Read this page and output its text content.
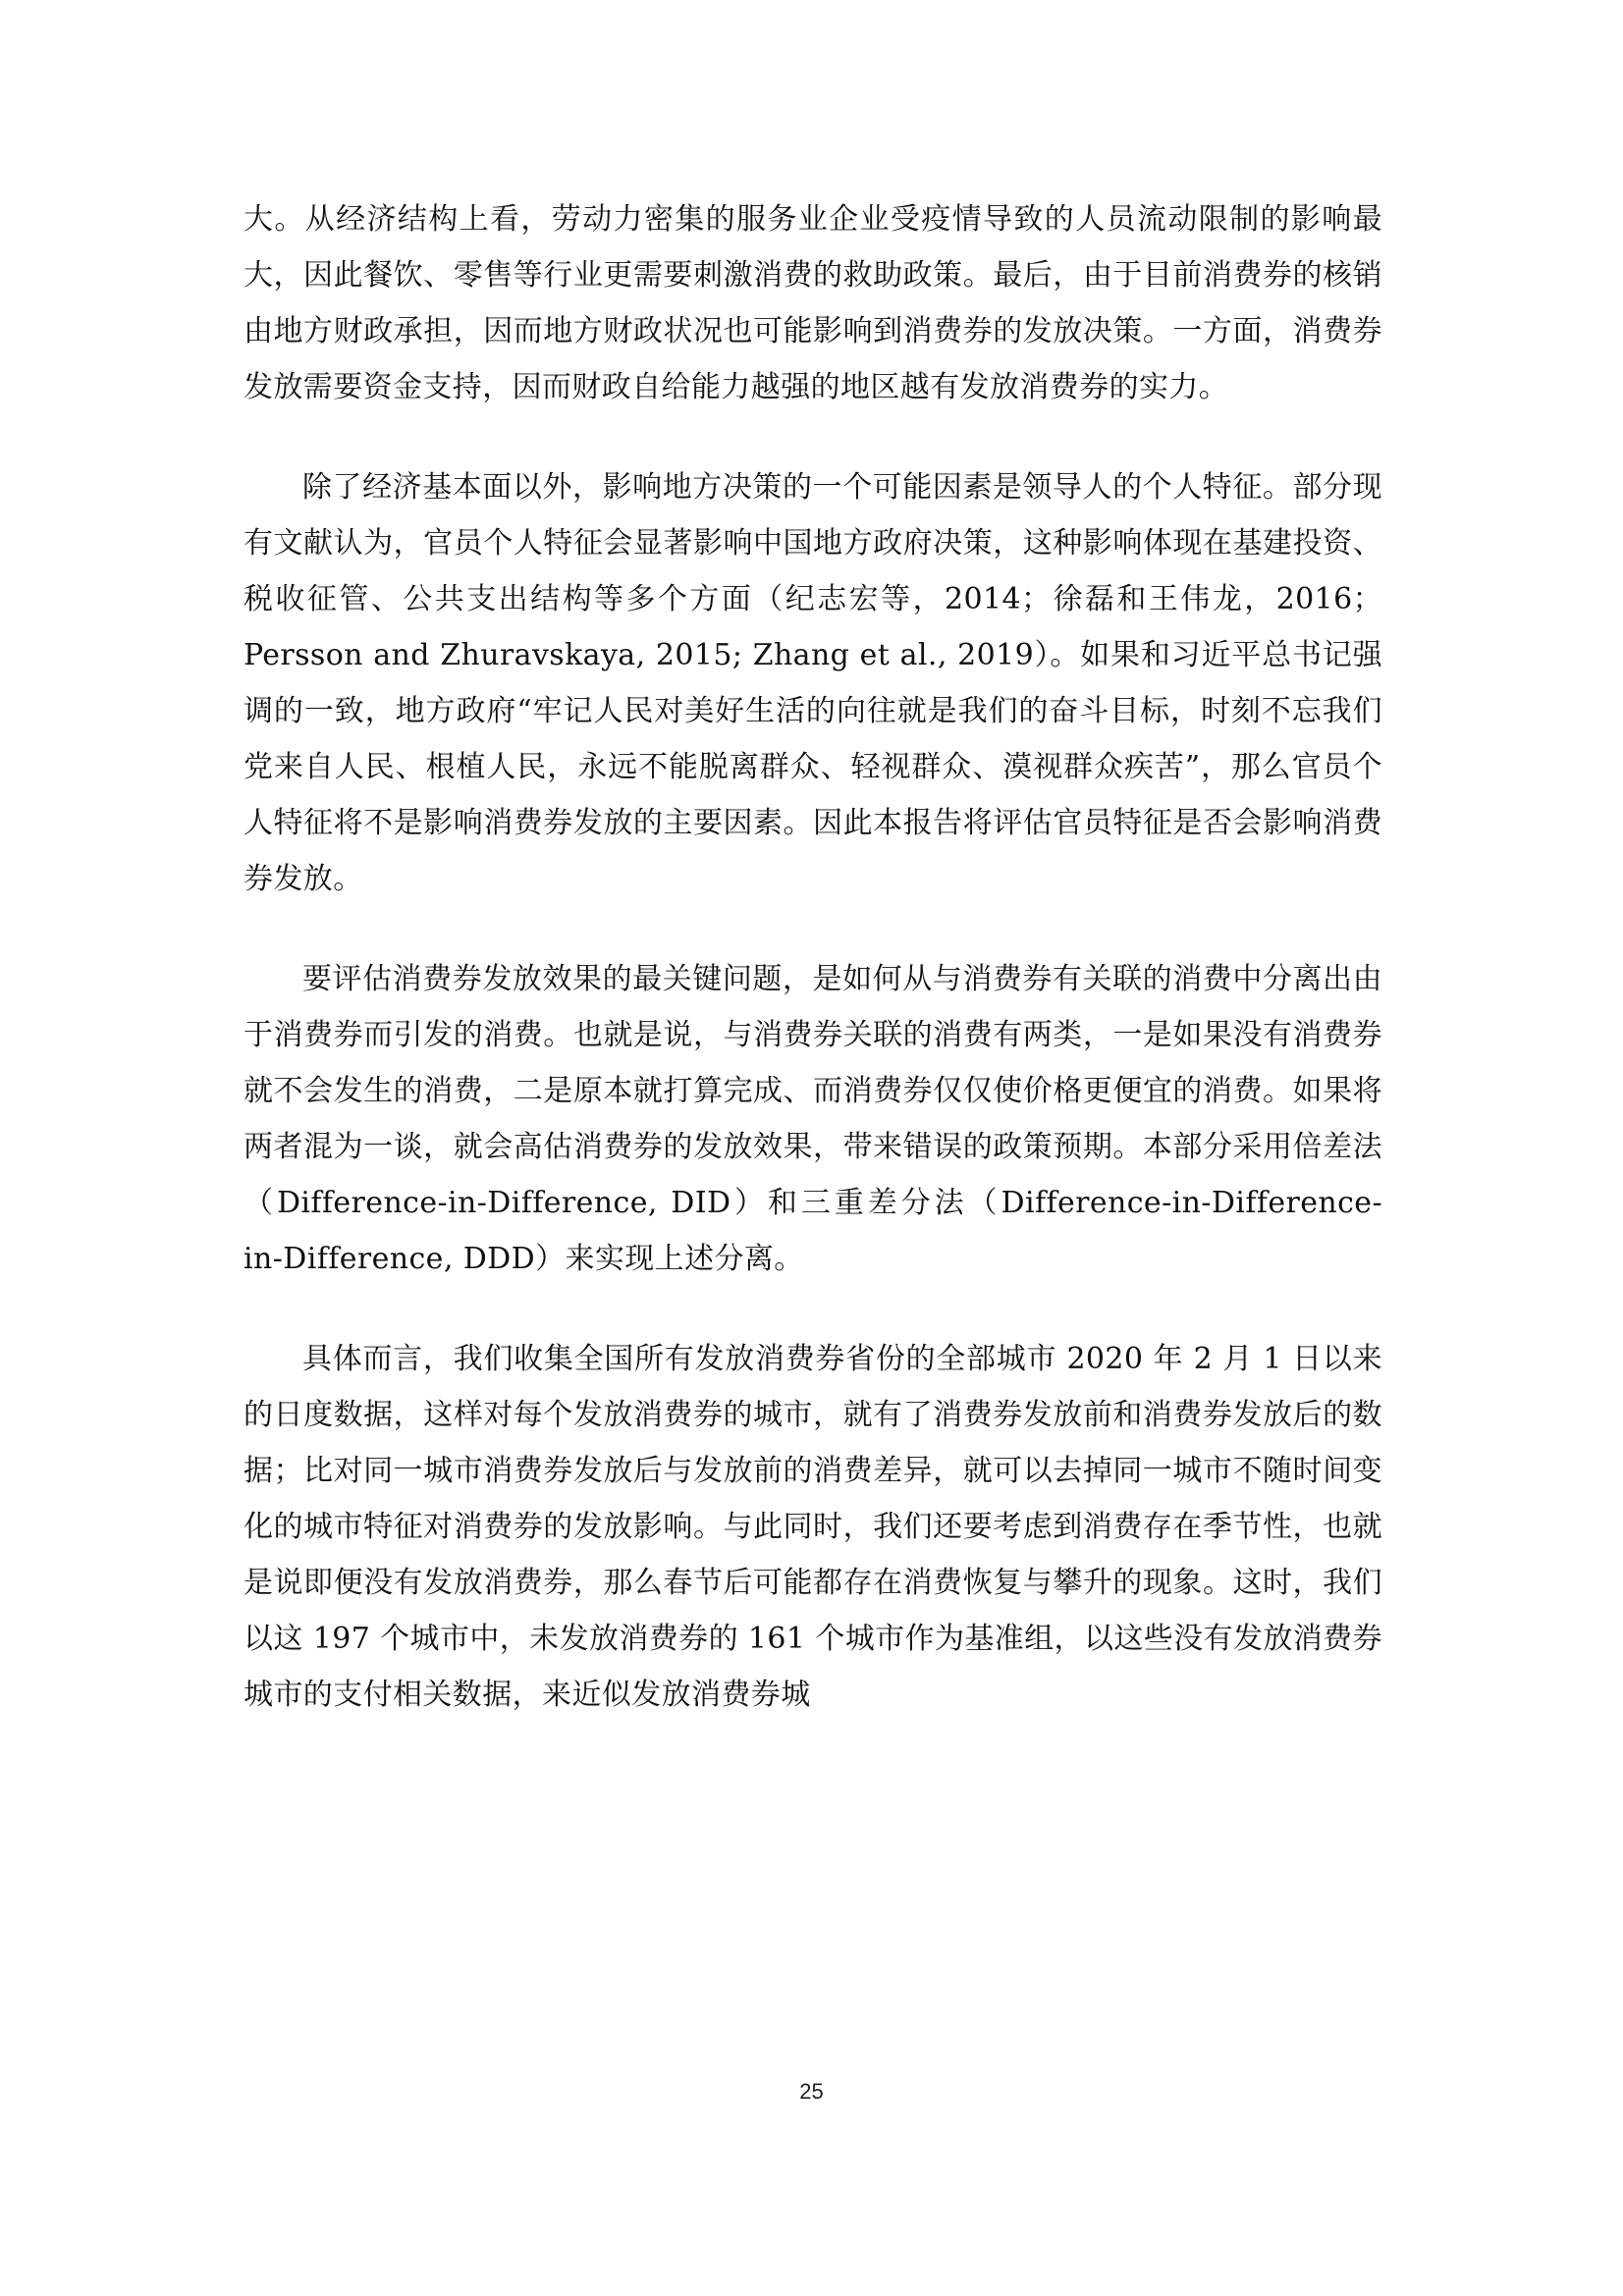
大。从经济结构上看，劳动力密集的服务业企业受疫情导致的人员流动限制的影响最大，因此餐饮、零售等行业更需要刺激消费的救助政策。最后，由于目前消费券的核销由地方财政承担，因而地方财政状况也可能影响到消费券的发放决策。一方面，消费券发放需要资金支持，因而财政自给能力越强的地区越有发放消费券的实力。

除了经济基本面以外，影响地方决策的一个可能因素是领导人的个人特征。部分现有文献认为，官员个人特征会显著影响中国地方政府决策，这种影响体现在基建投资、税收征管、公共支出结构等多个方面（纪志宏等，2014；徐磊和王伟龙，2016；Persson and Zhuravskaya, 2015; Zhang et al., 2019）。如果和习近平总书记强调的一致，地方政府“牢记人民对美好生活的向往就是我们的奋斗目标，时刻不忘我们党来自人民、根植人民，永远不能脱离群众、轻视群众、漠视群众疾苦”，那么官员个人特征将不是影响消费券发放的主要因素。因此本报告将评估官员特征是否会影响消费券发放。

要评估消费券发放效果的最关键问题，是如何从与消费券有关联的消费中分离出由于消费券而引发的消费。也就是说，与消费券关联的消费有两类，一是如果没有消费券就不会发生的消费，二是原本就打算完成、而消费券仅仅使价格更便宜的消费。如果将两者混为一谈，就会高估消费券的发放效果，带来错误的政策预期。本部分采用倍差法（Difference-in-Difference, DID）和三重差分法（Difference-in-Difference-in-Difference, DDD）来实现上述分离。

具体而言，我们收集全国所有发放消费券省份的全部城市 2020 年 2 月 1 日以来的日度数据，这样对每个发放消费券的城市，就有了消费券发放前和消费券发放后的数据；比对同一城市消费券发放后与发放前的消费差异，就可以去掉同一城市不随时间变化的城市特征对消费券的发放影响。与此同时，我们还要考虑到消费存在季节性，也就是说即便没有发放消费券，那么春节后可能都存在消费恢复与攀升的现象。这时，我们以这 197 个城市中，未发放消费券的 161 个城市作为基准组，以这些没有发放消费券城市的支付相关数据，来近似发放消费券城

25
